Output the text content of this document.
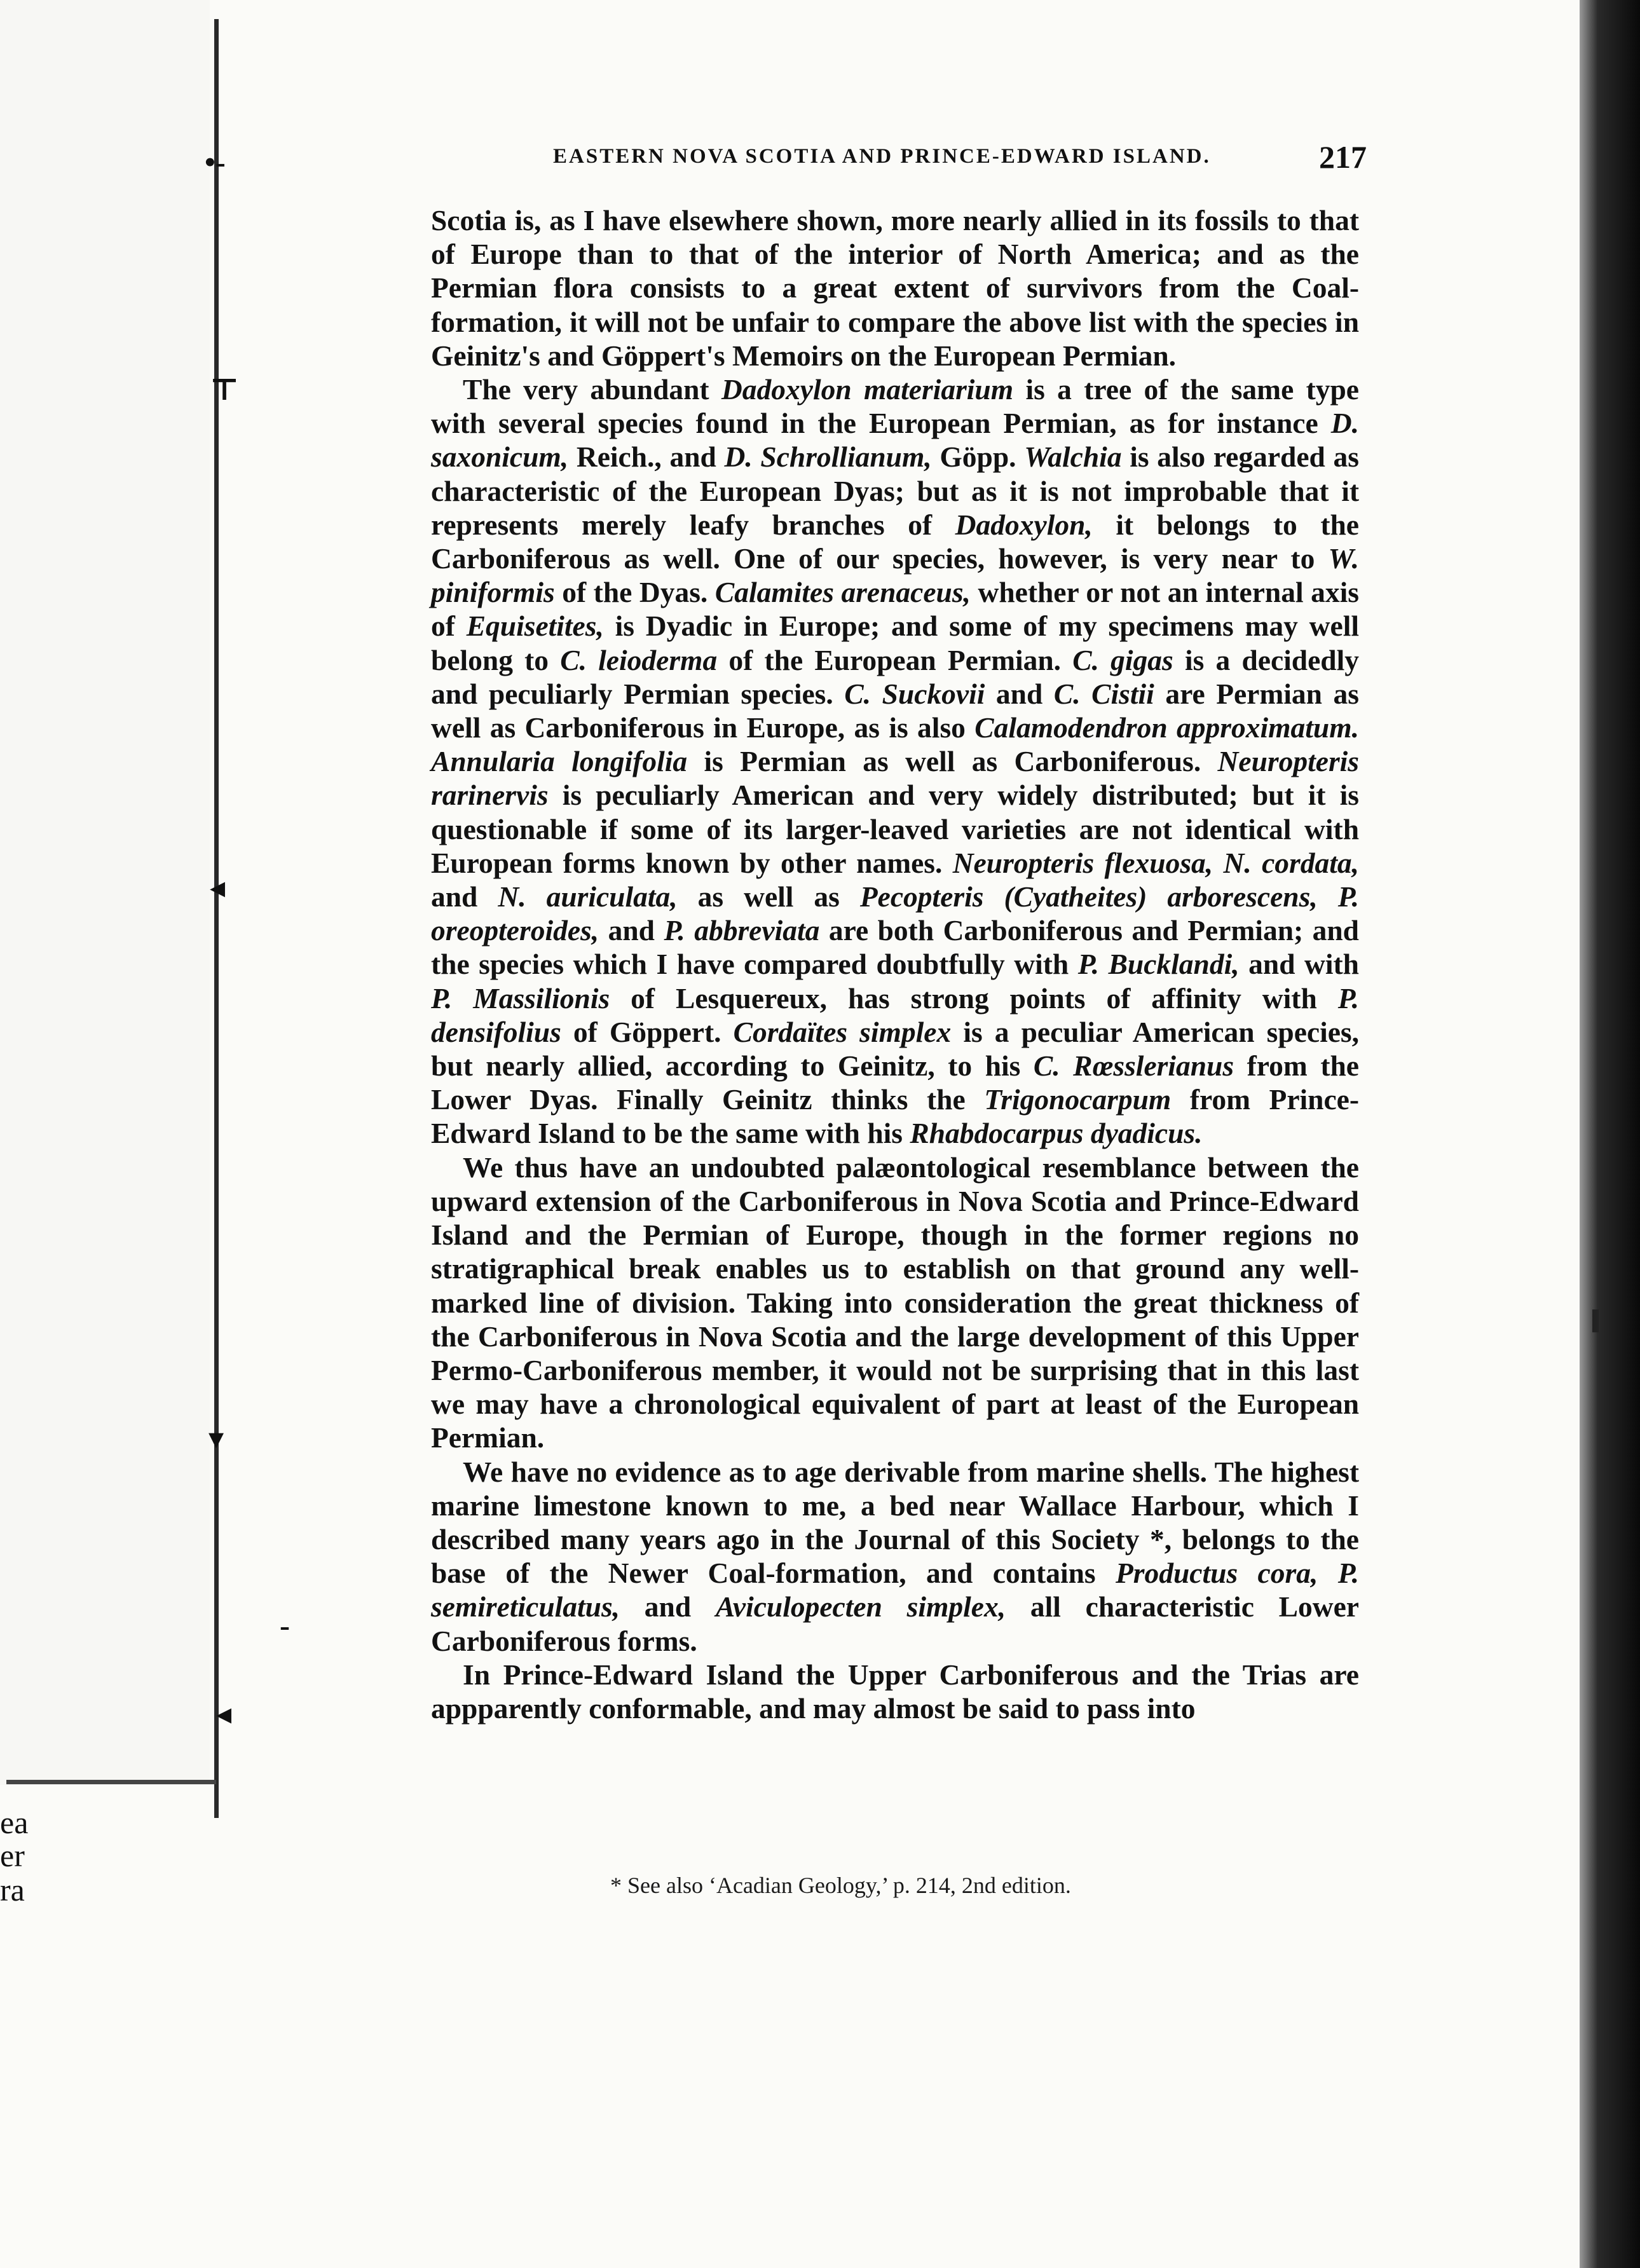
•-
⊤
◂
▾
-
◂
ea
er
ra
EASTERN NOVA SCOTIA AND PRINCE-EDWARD ISLAND.	217

Scotia is, as I have elsewhere shown, more nearly allied in its fossils to that of Europe than to that of the interior of North America; and as the Permian flora consists to a great extent of survivors from the Coal-formation, it will not be unfair to compare the above list with the species in Geinitz's and Göppert's Memoirs on the European Permian.

The very abundant Dadoxylon materiarium is a tree of the same type with several species found in the European Permian, as for instance D. saxonicum, Reich., and D. Schrollianum, Göpp. Walchia is also regarded as characteristic of the European Dyas; but as it is not improbable that it represents merely leafy branches of Dadoxylon, it belongs to the Carboniferous as well. One of our species, however, is very near to W. piniformis of the Dyas. Calamites arenaceus, whether or not an internal axis of Equisetites, is Dyadic in Europe; and some of my specimens may well belong to C. leioderma of the European Permian. C. gigas is a decidedly and peculiarly Permian species. C. Suckovii and C. Cistii are Permian as well as Carboniferous in Europe, as is also Calamodendron approximatum. Annularia longifolia is Permian as well as Carboniferous. Neuropteris rarinervis is peculiarly American and very widely distributed; but it is questionable if some of its larger-leaved varieties are not identical with European forms known by other names. Neuropteris flexuosa, N. cordata, and N. auriculata, as well as Pecopteris (Cyatheites) arborescens, P. oreopteroides, and P. abbreviata are both Carboniferous and Permian; and the species which I have compared doubtfully with P. Bucklandi, and with P. Massilionis of Lesquereux, has strong points of affinity with P. densifolius of Göppert. Cordaïtes simplex is a peculiar American species, but nearly allied, according to Geinitz, to his C. Rœsslerianus from the Lower Dyas. Finally Geinitz thinks the Trigonocarpum from Prince-Edward Island to be the same with his Rhabdocarpus dyadicus.

We thus have an undoubted palæontological resemblance between the upward extension of the Carboniferous in Nova Scotia and Prince-Edward Island and the Permian of Europe, though in the former regions no stratigraphical break enables us to establish on that ground any well-marked line of division. Taking into consideration the great thickness of the Carboniferous in Nova Scotia and the large development of this Upper Permo-Carboniferous member, it would not be surprising that in this last we may have a chronological equivalent of part at least of the European Permian.

We have no evidence as to age derivable from marine shells. The highest marine limestone known to me, a bed near Wallace Harbour, which I described many years ago in the Journal of this Society *, belongs to the base of the Newer Coal-formation, and contains Productus cora, P. semireticulatus, and Aviculopecten simplex, all characteristic Lower Carboniferous forms.

In Prince-Edward Island the Upper Carboniferous and the Trias are appparently conformable, and may almost be said to pass into

* See also ‘Acadian Geology,’ p. 214, 2nd edition.
